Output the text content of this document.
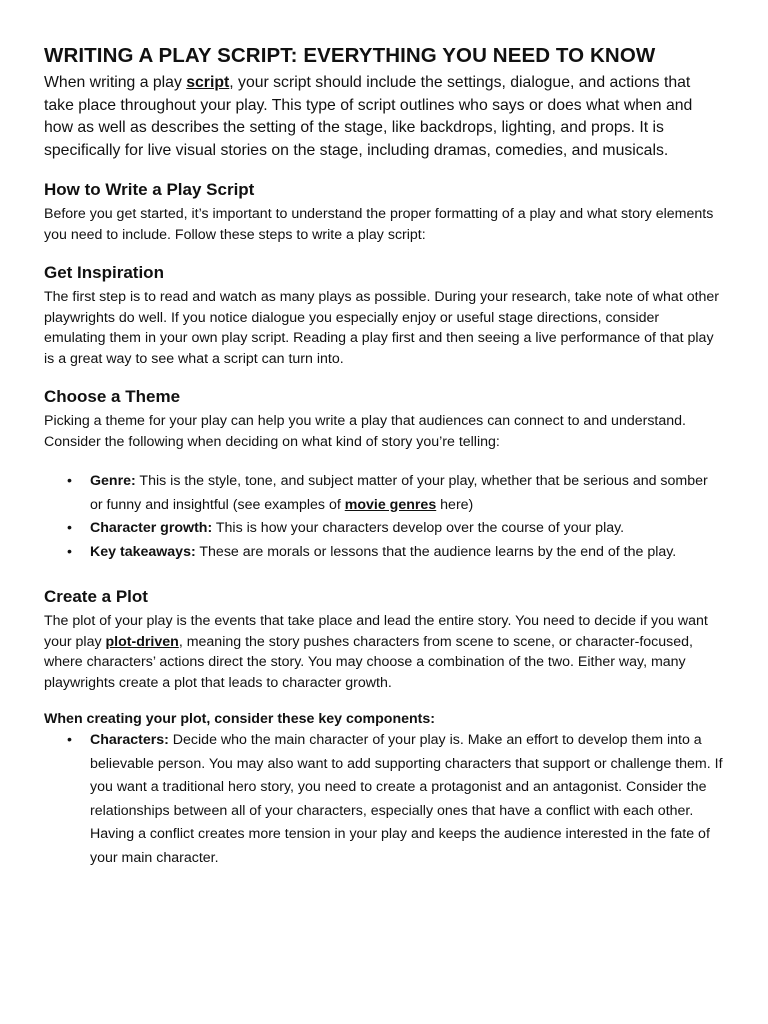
WRITING A PLAY SCRIPT: EVERYTHING YOU NEED TO KNOW

When writing a play script, your script should include the settings, dialogue, and actions that take place throughout your play. This type of script outlines who says or does what when and how as well as describes the setting of the stage, like backdrops, lighting, and props. It is specifically for live visual stories on the stage, including dramas, comedies, and musicals.

How to Write a Play Script

Before you get started, it’s important to understand the proper formatting of a play and what story elements you need to include. Follow these steps to write a play script:

Get Inspiration

The first step is to read and watch as many plays as possible. During your research, take note of what other playwrights do well. If you notice dialogue you especially enjoy or useful stage directions, consider emulating them in your own play script. Reading a play first and then seeing a live performance of that play is a great way to see what a script can turn into.

Choose a Theme

Picking a theme for your play can help you write a play that audiences can connect to and understand. Consider the following when deciding on what kind of story you’re telling:

• Genre: This is the style, tone, and subject matter of your play, whether that be serious and somber or funny and insightful (see examples of movie genres here)
• Character growth: This is how your characters develop over the course of your play.
• Key takeaways: These are morals or lessons that the audience learns by the end of the play.
Create a Plot

The plot of your play is the events that take place and lead the entire story. You need to decide if you want your play plot-driven, meaning the story pushes characters from scene to scene, or character-focused, where characters’ actions direct the story. You may choose a combination of the two. Either way, many playwrights create a plot that leads to character growth.

When creating your plot, consider these key components:
• Characters: Decide who the main character of your play is. Make an effort to develop them into a believable person. You may also want to add supporting characters that support or challenge them. If you want a traditional hero story, you need to create a protagonist and an antagonist. Consider the relationships between all of your characters, especially ones that have a conflict with each other. Having a conflict creates more tension in your play and keeps the audience interested in the fate of your main character.
